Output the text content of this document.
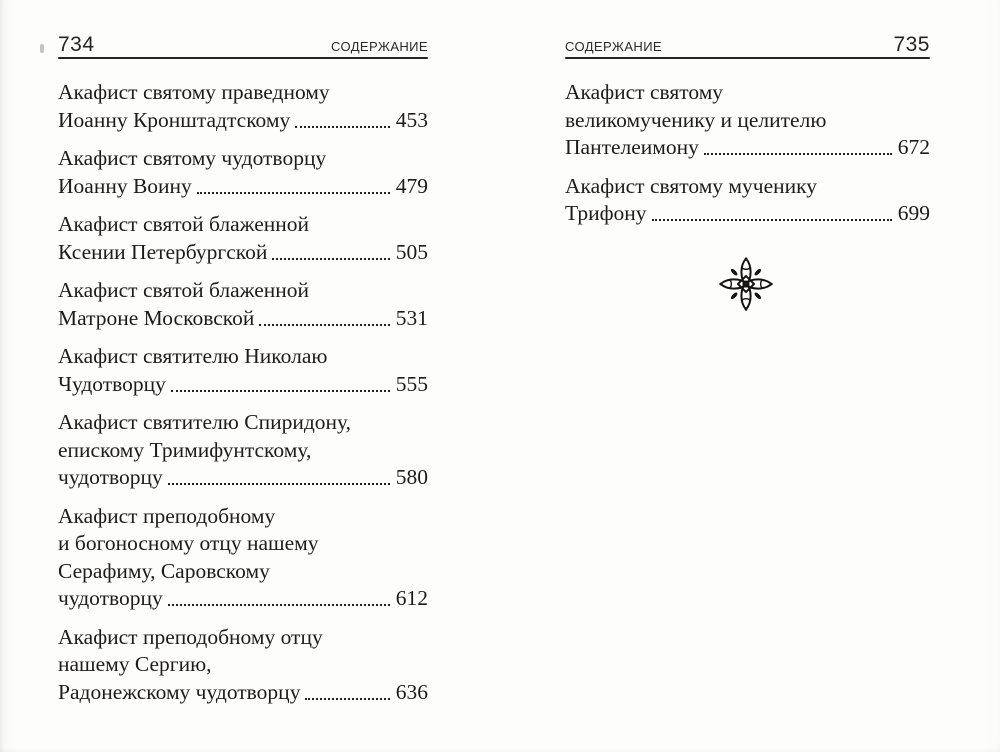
734	СОДЕРЖАНИЕ
Акафист святому праведному
Иоанну Кронштадтскому	453
Акафист святому чудотворцу
Иоанну Воину	479
Акафист святой блаженной
Ксении Петербургской	505
Акафист святой блаженной
Матроне Московской	531
Акафист святителю Николаю
Чудотворцу	555
Акафист святителю Спиридону,
епискому Тримифунтскому,
чудотворцу	580
Акафист преподобному
и богоносному отцу нашему
Серафиму, Саровскому
чудотворцу	612
Акафист преподобному отцу
нашему Сергию,
Радонежскому чудотворцу	636
СОДЕРЖАНИЕ	735
Акафист святому
великомученику и целителю
Пантелеимону	672
Акафист святому мученику
Трифону	699
